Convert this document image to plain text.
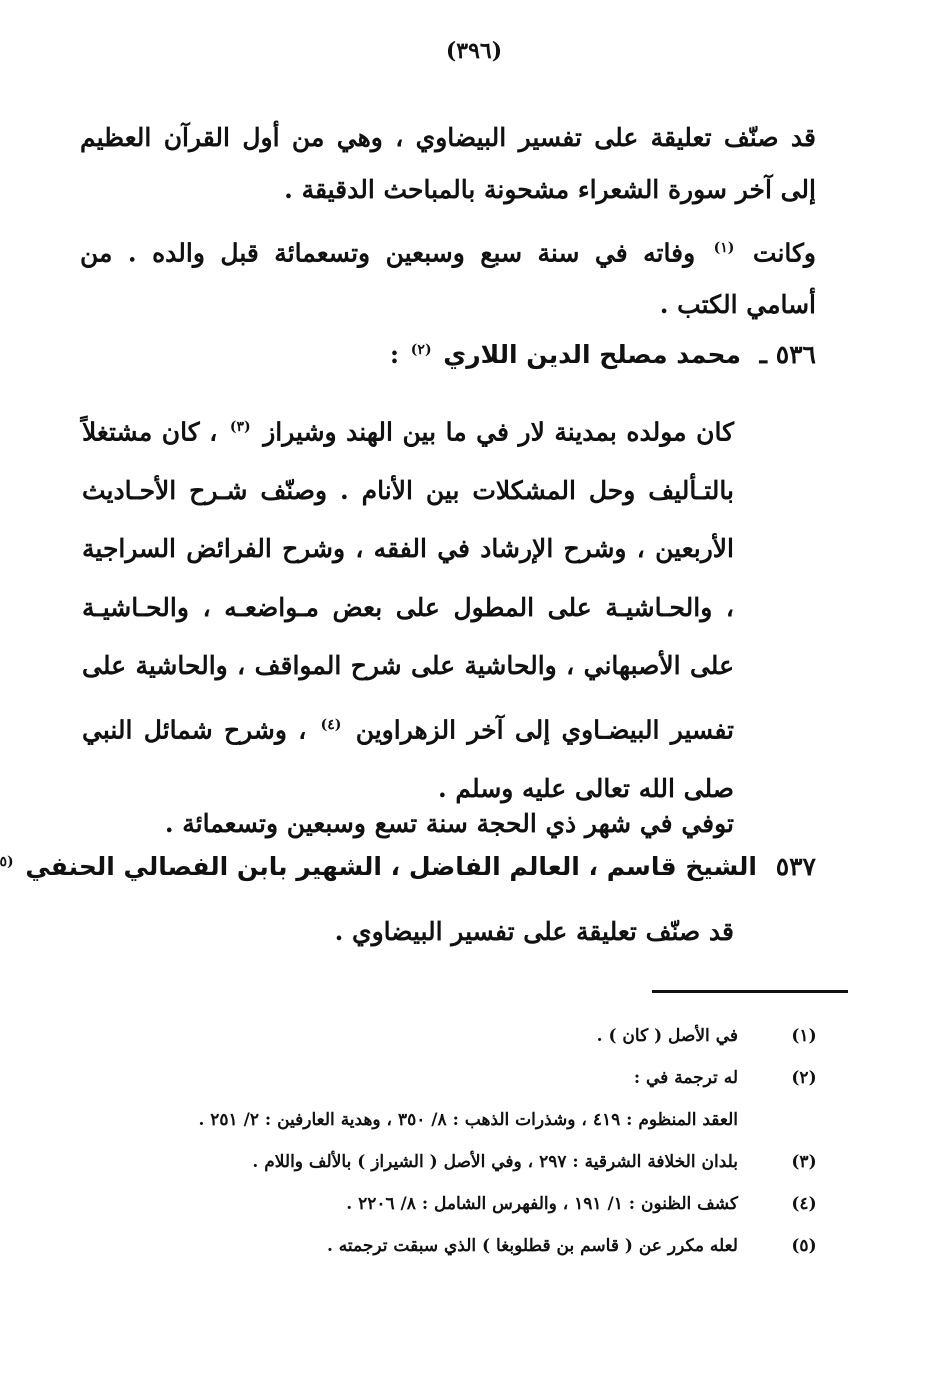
(٣٩٦)
قد صنّف تعليقة على تفسير البيضاوي ، وهي من أول القرآن العظيم إلى آخر سورة الشعراء مشحونة بالمباحث الدقيقة .
وكانت $^{(١)}$ وفاته في سنة سبع وسبعين وتسعمائة قبل والده . من أسامي الكتب .
٥٣٦ ـ محمد مصلح الدين اللاري $^{(٢)}$ :
كان مولده بمدينة لار في ما بين الهند وشيراز $^{(٣)}$ ، كان مشتغلاً بالتـأليف وحل المشكلات بين الأنام . وصنّف شـرح الأحـاديث الأربعين ، وشرح الإرشاد في الفقه ، وشرح الفرائض السراجية ، والحـاشيـة على المطول على بعض مـواضعـه ، والحـاشيـة على الأصبهاني ، والحاشية على شرح المواقف ، والحاشية على تفسير البيضـاوي إلى آخر الزهراوين $^{(٤)}$ ، وشرح شمائل النبي صلى الله تعالى عليه وسلم .
توفي في شهر ذي الحجة سنة تسع وسبعين وتسعمائة .
٥٣٧ الشيخ قاسم ، العالم الفاضل ، الشهير بابن الفصالي الحنفي $^{(٥}$
قد صنّف تعليقة على تفسير البيضاوي .
(١)
في الأصل ( كان ) .
(٢)
له ترجمة في :
العقد المنظوم : ٤١٩ ، وشذرات الذهب : ٨/ ٣٥٠ ، وهدية العارفين : ٢/ ٢٥١ .
(٣)
بلدان الخلافة الشرقية : ٢٩٧ ، وفي الأصل ( الشيراز ) بالألف واللام .
(٤)
كشف الظنون : ١/ ١٩١ ، والفهرس الشامل : ٨/ ٢٢٠٦ .
(٥)
لعله مكرر عن ( قاسم بن قطلوبغا ) الذي سبقت ترجمته .
